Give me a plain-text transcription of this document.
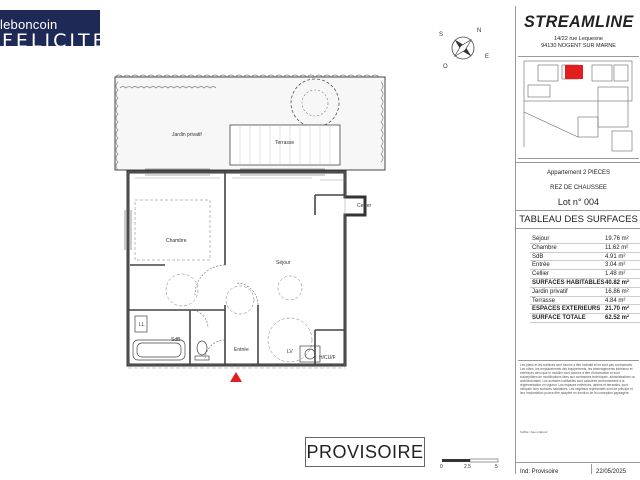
leboncoin
FELICITE
Jardin privatif
Terrasse
Chambre
Séjour
Cellier
SdB
Entrée
LL
H/CU/F
LV
N
S
E
O
PROVISOIRE
0	2.5	5
STREAMLINE
14/22 rue Lequesne
94130 NOGENT SUR MARNE
Appartement 2 PIECES
REZ DE CHAUSSEE
Lot n° 004
TABLEAU DES SURFACES
Séjour	19.76 m²
Chambre	11.62 m²
SdB	4.91 m²
Entrée	3.04 m²
Cellier	1.48 m²
SURFACES HABITABLES 40.82 m²
Jardin privatif	16.86 m²
Terrasse	4.84 m²
ESPACES EXTERIEURS 21.70 m²
SURFACE TOTALE	62.52 m²
Les plans et les surfaces sont fournis à titre indicatif et ne sont pas contractuels. Les côtes, les emplacements des équipements, les aménagements intérieurs et extérieurs ainsi que le mobilier sont donnés à titre d'information et sont susceptibles de modifications liées aux contraintes techniques, administratives ou architecturales. Les surfaces habitables sont calculées conformément à la réglementation en vigueur. Les espaces extérieurs, jardins et terrasses, sont indiqués hors surfaces habitables. Les végétaux représentés sont de principe et leur implantation pourra être adaptée en fonction de la conception paysagère.
Soffite / faux plafond
Ind: Provisoire	22/05/2025
